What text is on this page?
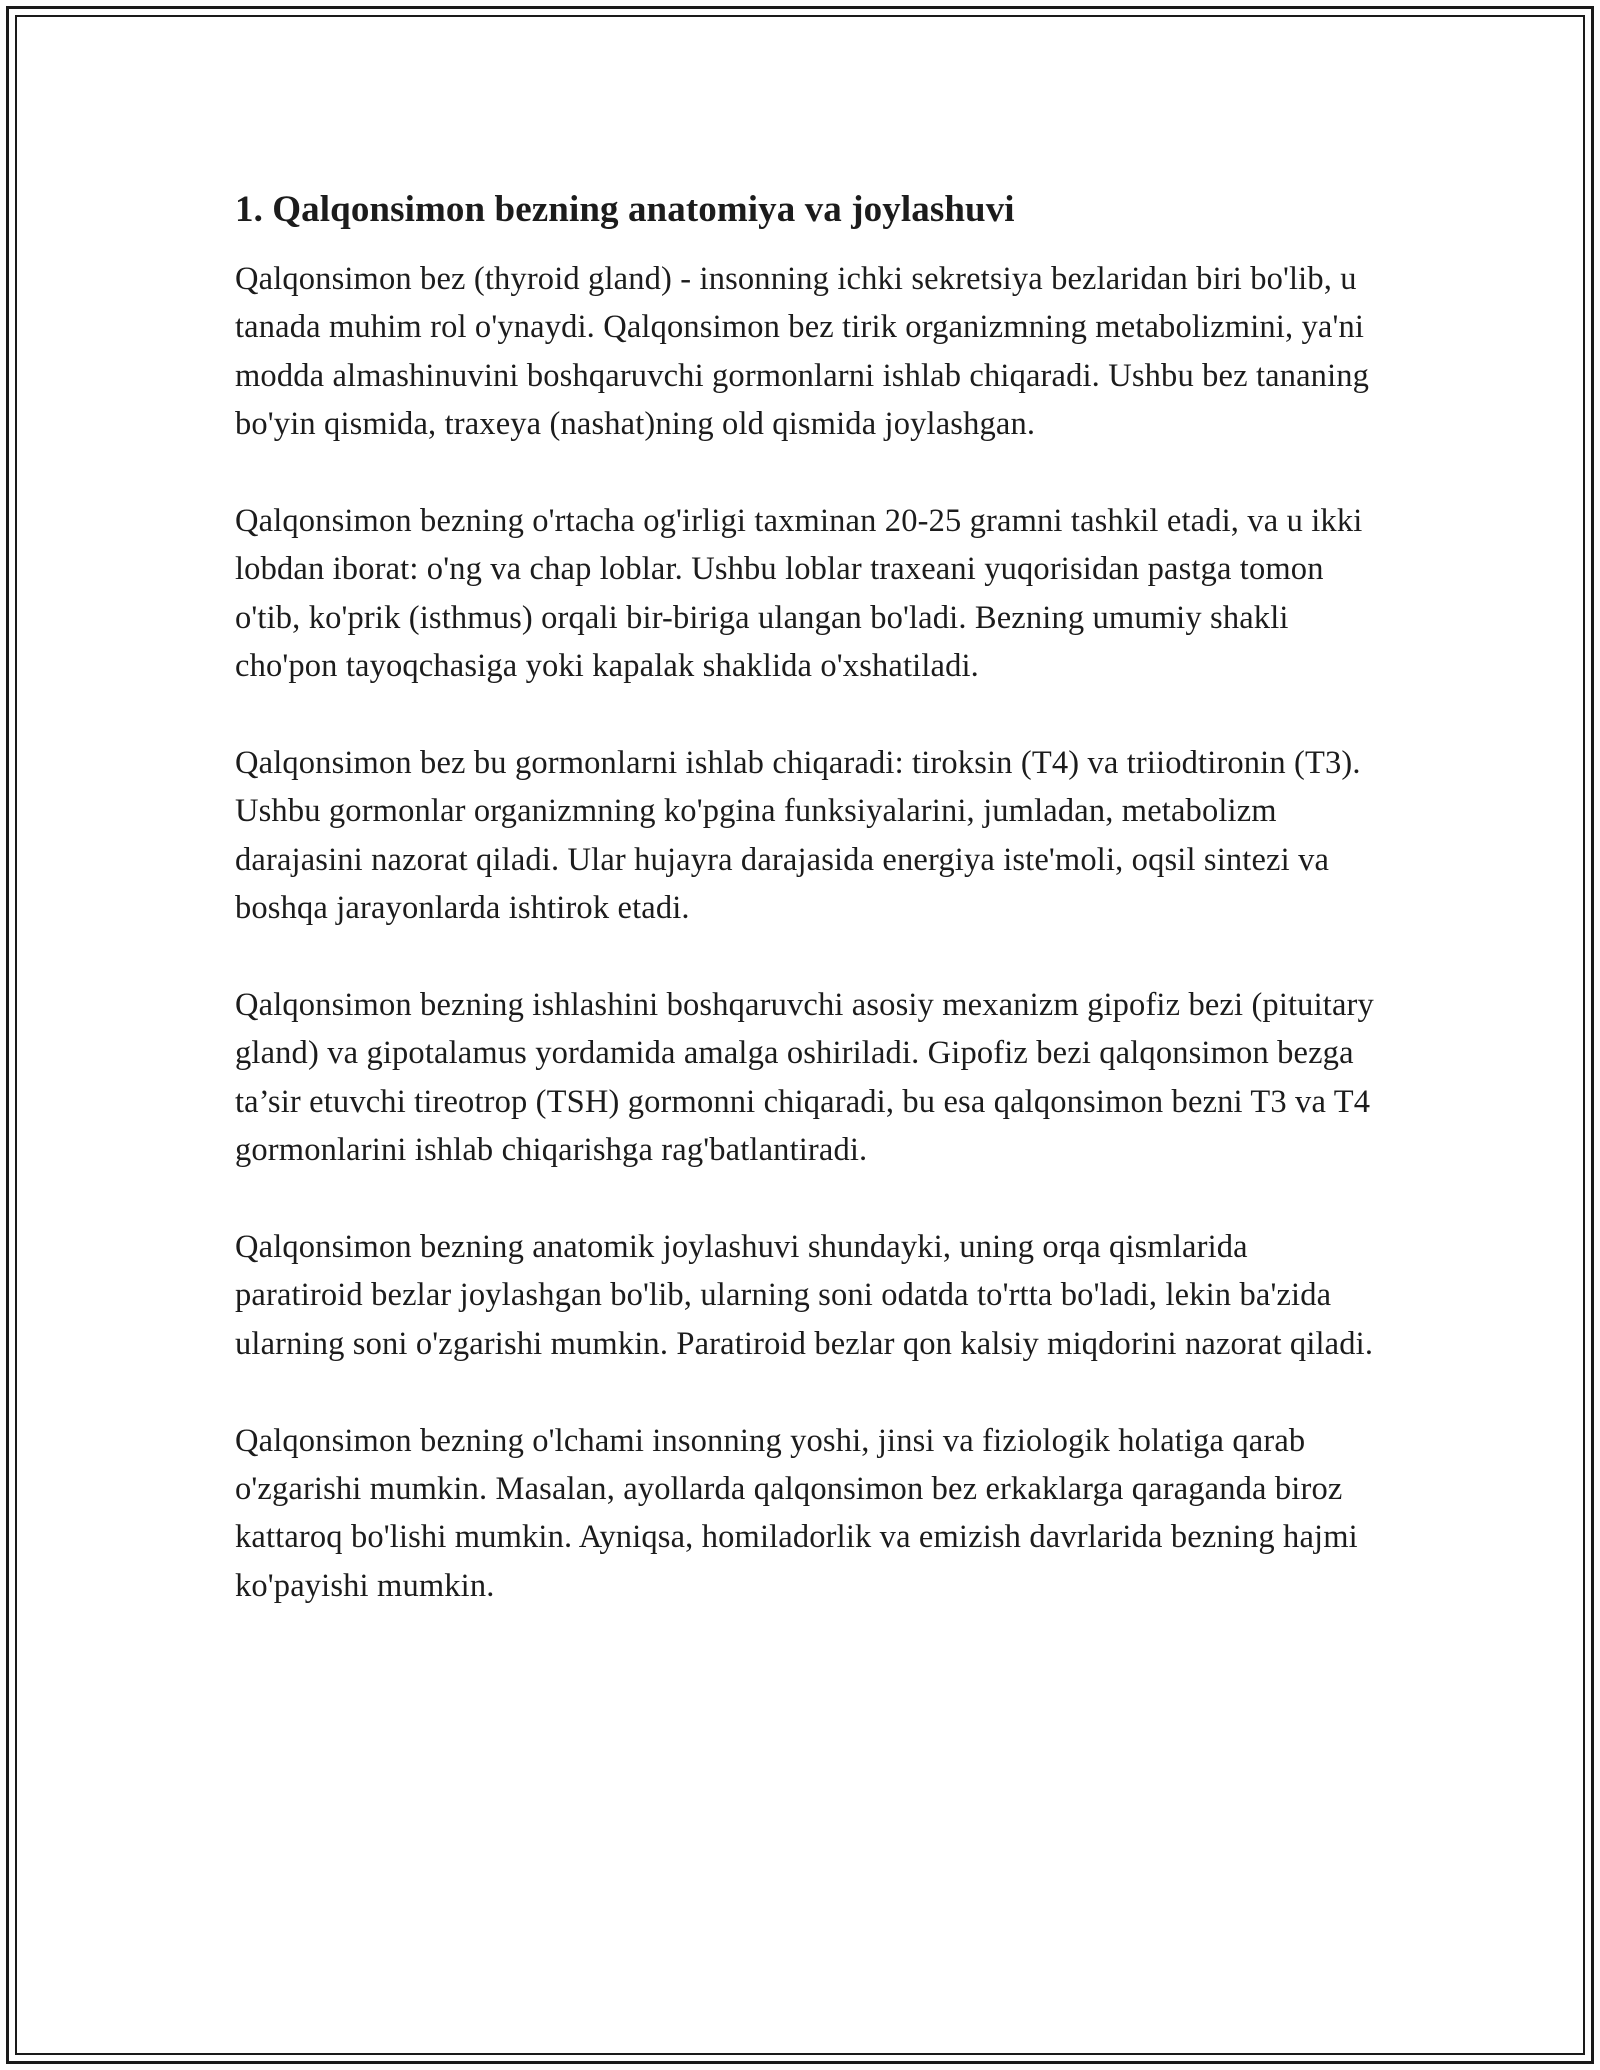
1. Qalqonsimon bezning anatomiya va joylashuvi

Qalqonsimon bez (thyroid gland) - insonning ichki sekretsiya bezlaridan biri bo'lib, u tanada muhim rol o'ynaydi. Qalqonsimon bez tirik organizmning metabolizmini, ya'ni modda almashinuvini boshqaruvchi gormonlarni ishlab chiqaradi. Ushbu bez tananing bo'yin qismida, traxeya (nashat)ning old qismida joylashgan.

Qalqonsimon bezning o'rtacha og'irligi taxminan 20-25 gramni tashkil etadi, va u ikki lobdan iborat: o'ng va chap loblar. Ushbu loblar traxeani yuqorisidan pastga tomon o'tib, ko'prik (isthmus) orqali bir-biriga ulangan bo'ladi. Bezning umumiy shakli cho'pon tayoqchasiga yoki kapalak shaklida o'xshatiladi.

Qalqonsimon bez bu gormonlarni ishlab chiqaradi: tiroksin (T4) va triiodtironin (T3). Ushbu gormonlar organizmning ko'pgina funksiyalarini, jumladan, metabolizm darajasini nazorat qiladi. Ular hujayra darajasida energiya iste'moli, oqsil sintezi va boshqa jarayonlarda ishtirok etadi.

Qalqonsimon bezning ishlashini boshqaruvchi asosiy mexanizm gipofiz bezi (pituitary gland) va gipotalamus yordamida amalga oshiriladi. Gipofiz bezi qalqonsimon bezga ta’sir etuvchi tireotrop (TSH) gormonni chiqaradi, bu esa qalqonsimon bezni T3 va T4 gormonlarini ishlab chiqarishga rag'batlantiradi.

Qalqonsimon bezning anatomik joylashuvi shundayki, uning orqa qismlarida paratiroid bezlar joylashgan bo'lib, ularning soni odatda to'rtta bo'ladi, lekin ba'zida ularning soni o'zgarishi mumkin. Paratiroid bezlar qon kalsiy miqdorini nazorat qiladi.

Qalqonsimon bezning o'lchami insonning yoshi, jinsi va fiziologik holatiga qarab o'zgarishi mumkin. Masalan, ayollarda qalqonsimon bez erkaklarga qaraganda biroz kattaroq bo'lishi mumkin. Ayniqsa, homiladorlik va emizish davrlarida bezning hajmi ko'payishi mumkin.
